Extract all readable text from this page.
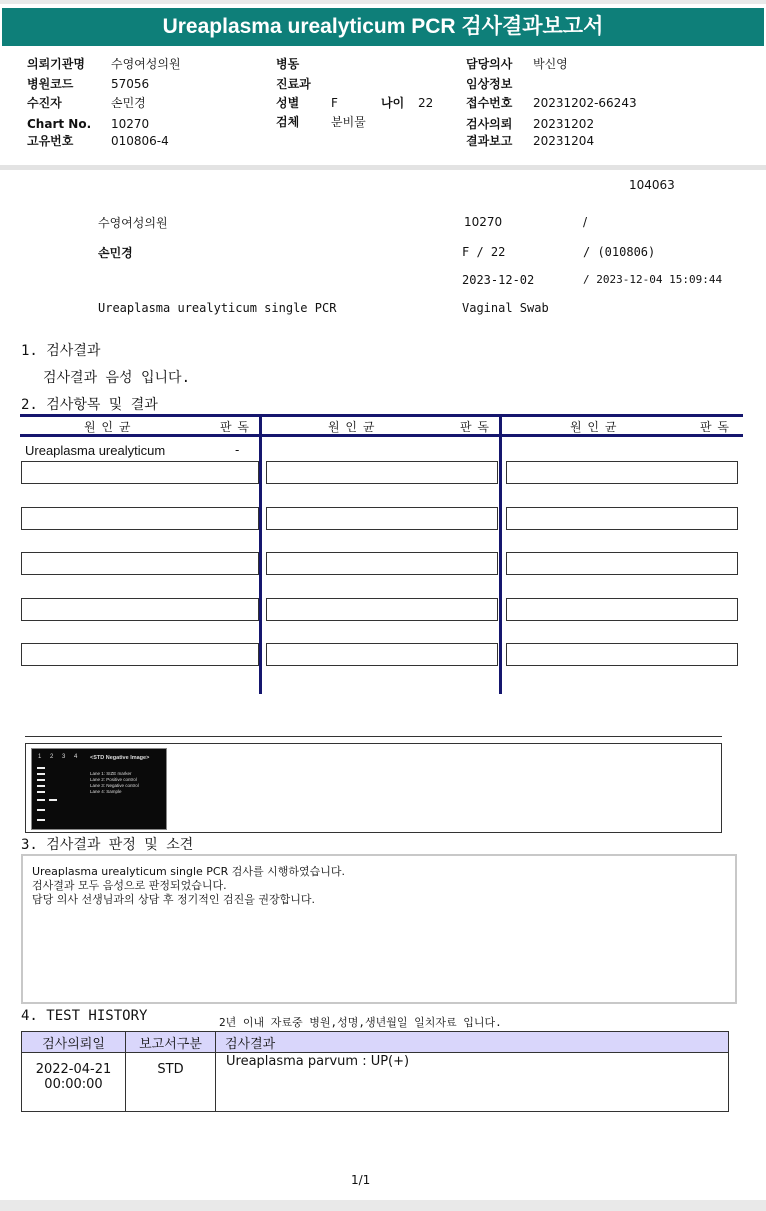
Ureaplasma urealyticum PCR 검사결과보고서
의뢰기관명 수영여성의원
병원코드	57056
수진자	손민경
Chart No. 10270
고유번호	010806-4
병동
진료과
성별	F	나이 22
검체	분비물
담당의사 박신영
임상정보
접수번호 20231202-66243
검사의뢰 20231202
결과보고 20231204
104063
수영여성의원	10270	/
손민경	F / 22	/ (010806)
2023-12-02	/ 2023-12-04 15:09:44
Ureaplasma urealyticum single PCR	Vaginal Swab
1. 검사결과
검사결과 음성 입니다.
2. 검사항목 및 결과
원 인 균	판 독	원 인 균	판 독	원 인 균	판 독
Ureaplasma urealyticum	-
1 2 3 4 <STD Negative Image>
Lane 1: SIZE marker
Lane 2: Positive control
Lane 3: Negative control
Lane 4: Sample
3. 검사결과 판정 및 소견
Ureaplasma urealyticum single PCR 검사를 시행하였습니다.
검사결과 모두 음성으로 판정되었습니다.
담당 의사 선생님과의 상담 후 정기적인 검진을 권장합니다.
4. TEST HISTORY	2년 이내 자료중 병원,성명,생년월일 일치자료 입니다.
검사의뢰일	보고서구분	검사결과

2022-04-21
00:00:00	STD	Ureaplasma parvum : UP(+)
1/1
